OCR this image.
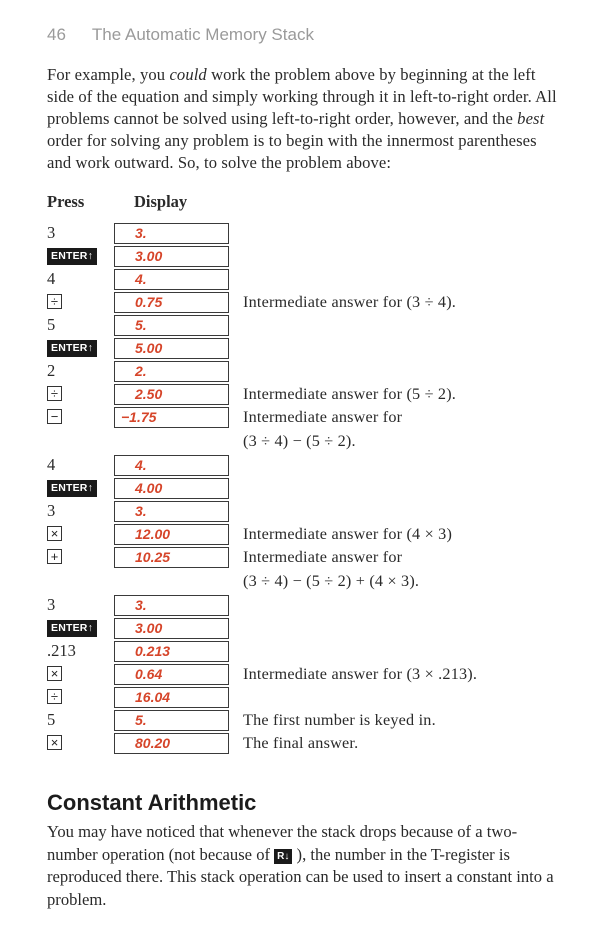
46 The Automatic Memory Stack

For example, you could work the problem above by beginning at the left side of the equation and simply working through it in left-to-right order. All problems cannot be solved using left-to-right order, however, and the best order for solving any problem is to begin with the innermost parentheses and work outward. So, to solve the problem above:

Press	Display
3	3.
ENTER↑	3.00
4	4.
÷	0.75	Intermediate answer for (3 ÷ 4).
5	5.
ENTER↑	5.00
2	2.
÷	2.50	Intermediate answer for (5 ÷ 2).
−	−1.75	Intermediate answer for
(3 ÷ 4) − (5 ÷ 2).
4	4.
ENTER↑	4.00
3	3.
×	12.00	Intermediate answer for (4 × 3)
+	10.25	Intermediate answer for
(3 ÷ 4) − (5 ÷ 2) + (4 × 3).
3	3.
ENTER↑	3.00
.213	0.213
×	0.64	Intermediate answer for (3 × .213).
÷	16.04
5	5.	The first number is keyed in.
×	80.20	The final answer.
Constant Arithmetic

You may have noticed that whenever the stack drops because of a two-number operation (not because of R↓ ), the number in the T-register is reproduced there. This stack operation can be used to insert a constant into a problem.
